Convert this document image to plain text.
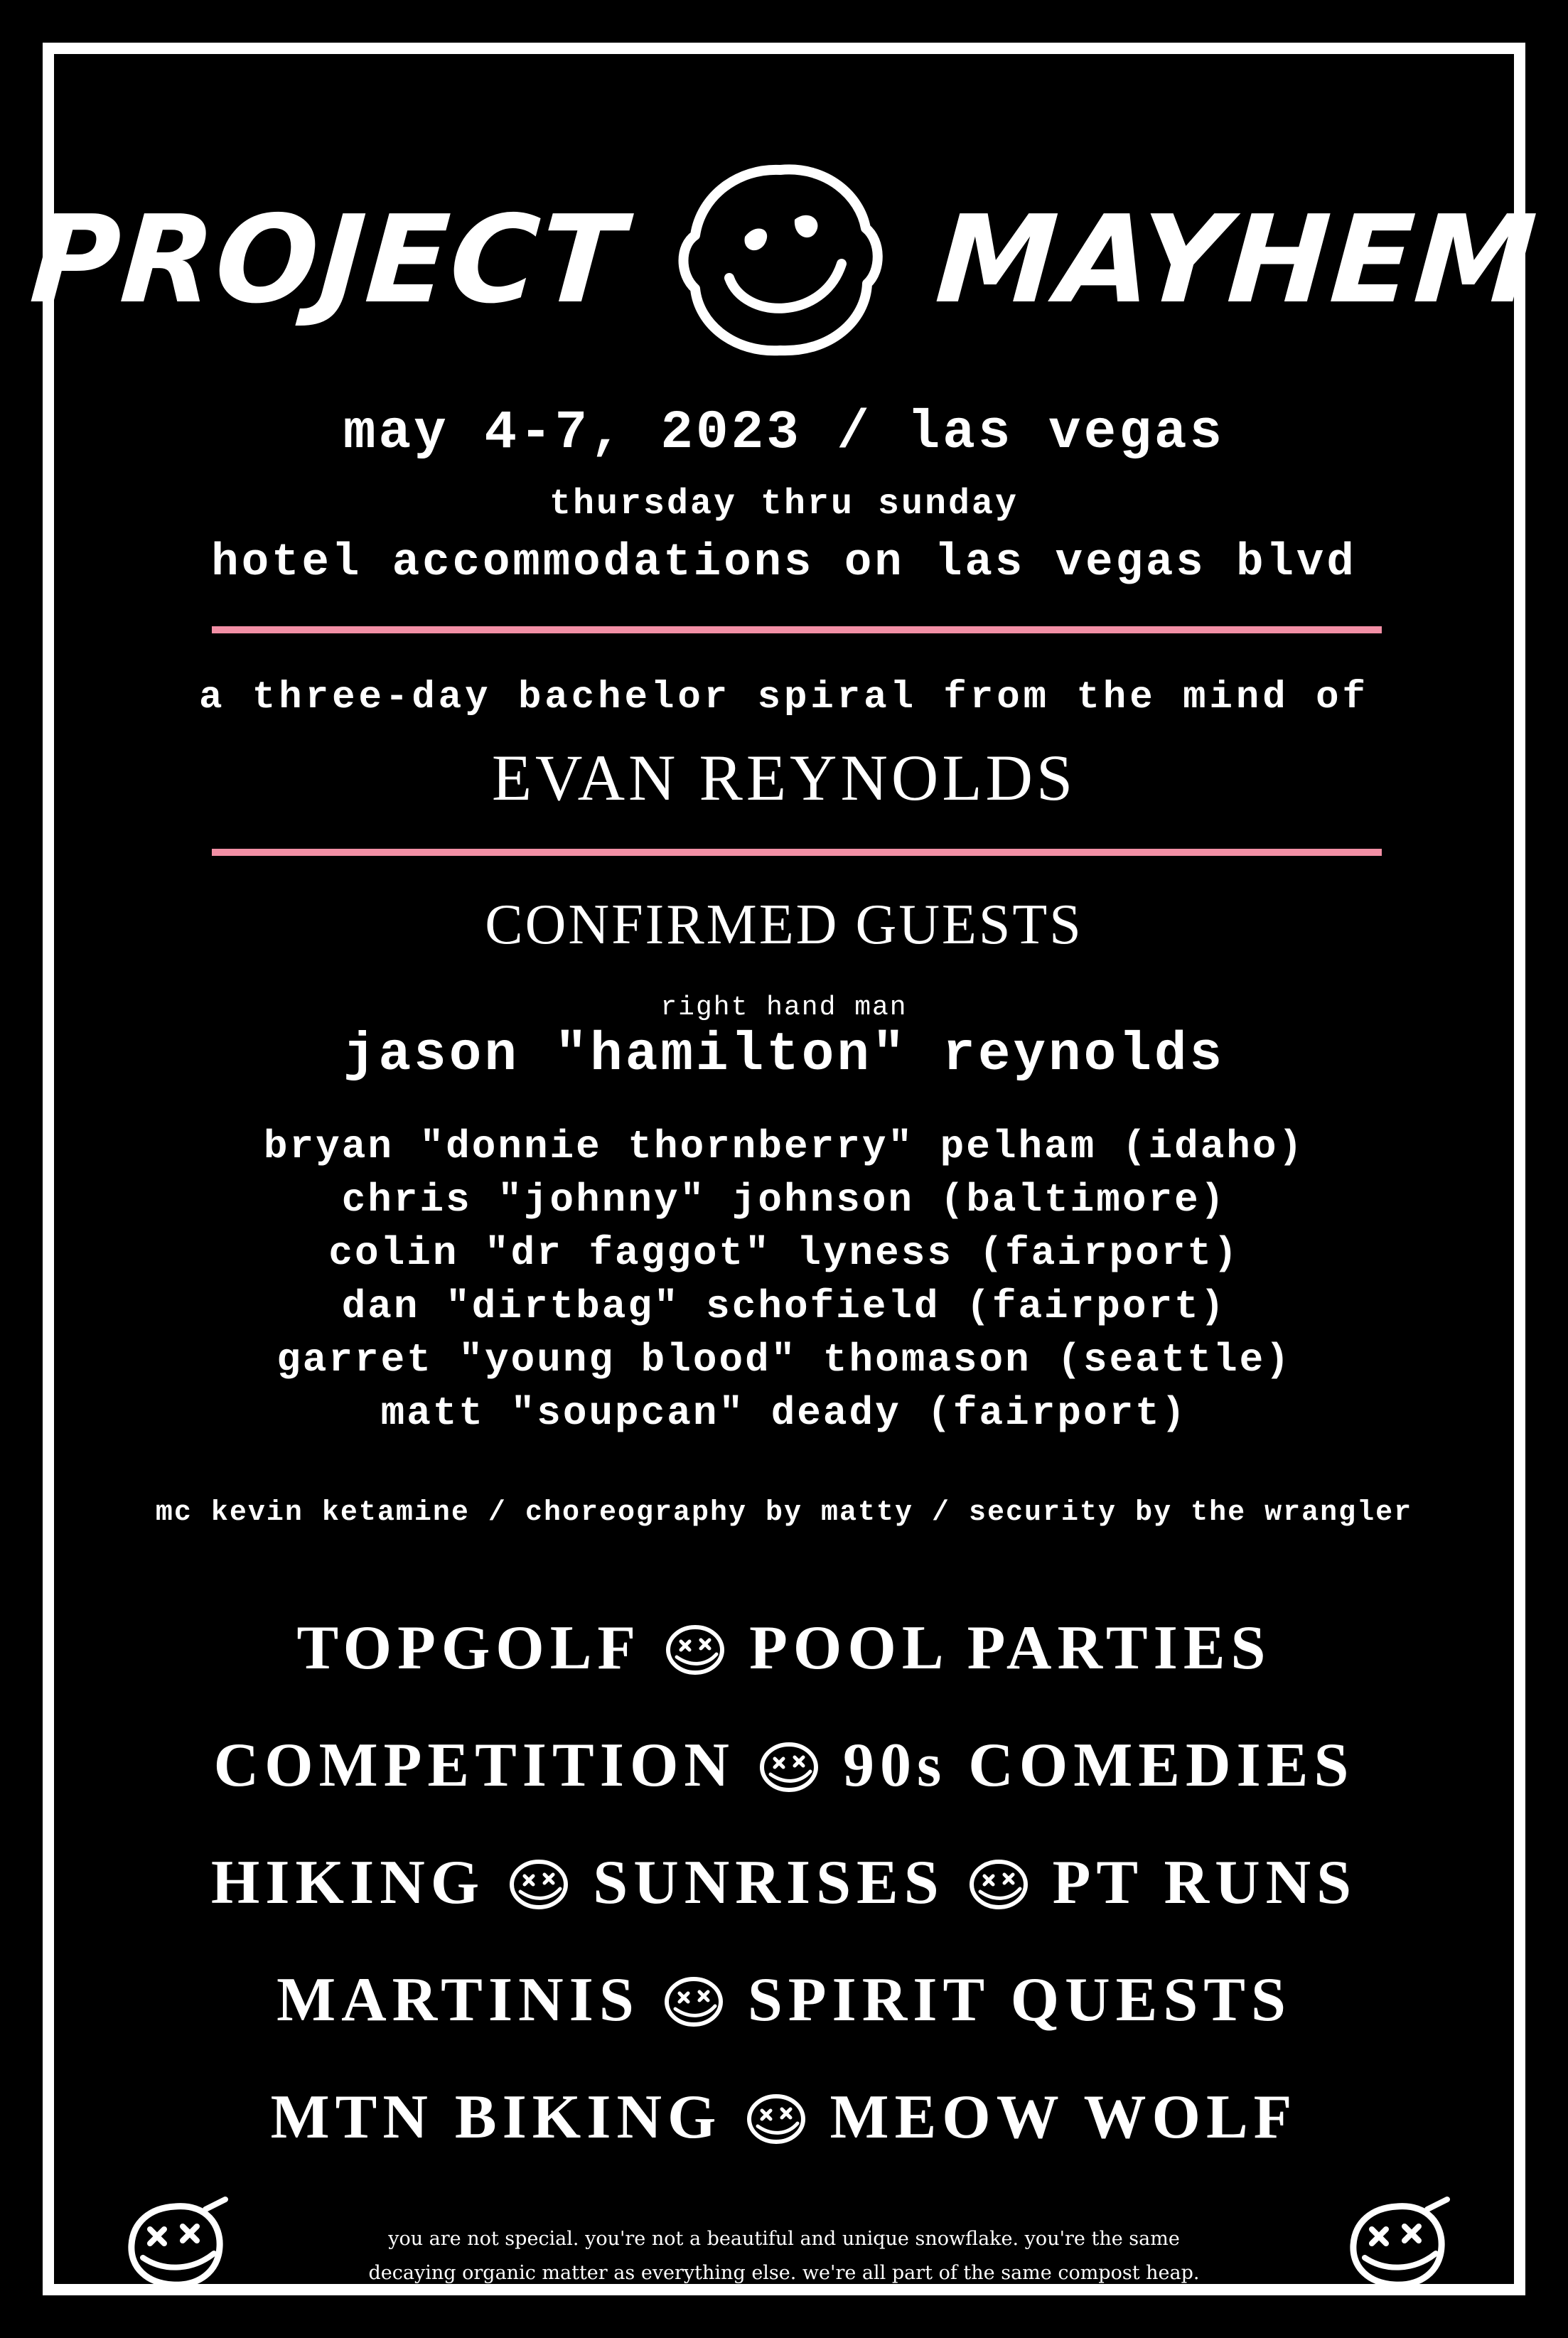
PROJECT	MAYHEM
may 4-7, 2023 / las vegas
thursday thru sunday
hotel accommodations on las vegas blvd
a three-day bachelor spiral from the mind of
EVAN REYNOLDS
CONFIRMED GUESTS
right hand man
jason "hamilton" reynolds
bryan "donnie thornberry" pelham (idaho)
chris "johnny" johnson (baltimore)
colin "dr faggot" lyness (fairport)
dan "dirtbag" schofield (fairport)
garret "young blood" thomason (seattle)
matt "soupcan" deady (fairport)
mc kevin ketamine / choreography by matty / security by the wrangler
TOPGOLF POOL PARTIES
COMPETITION 90s COMEDIES
HIKING SUNRISES PT RUNS
MARTINIS SPIRIT QUESTS
MTN BIKING MEOW WOLF
you are not special. you're not a beautiful and unique snowflake. you're the same
decaying organic matter as everything else. we're all part of the same compost heap.
